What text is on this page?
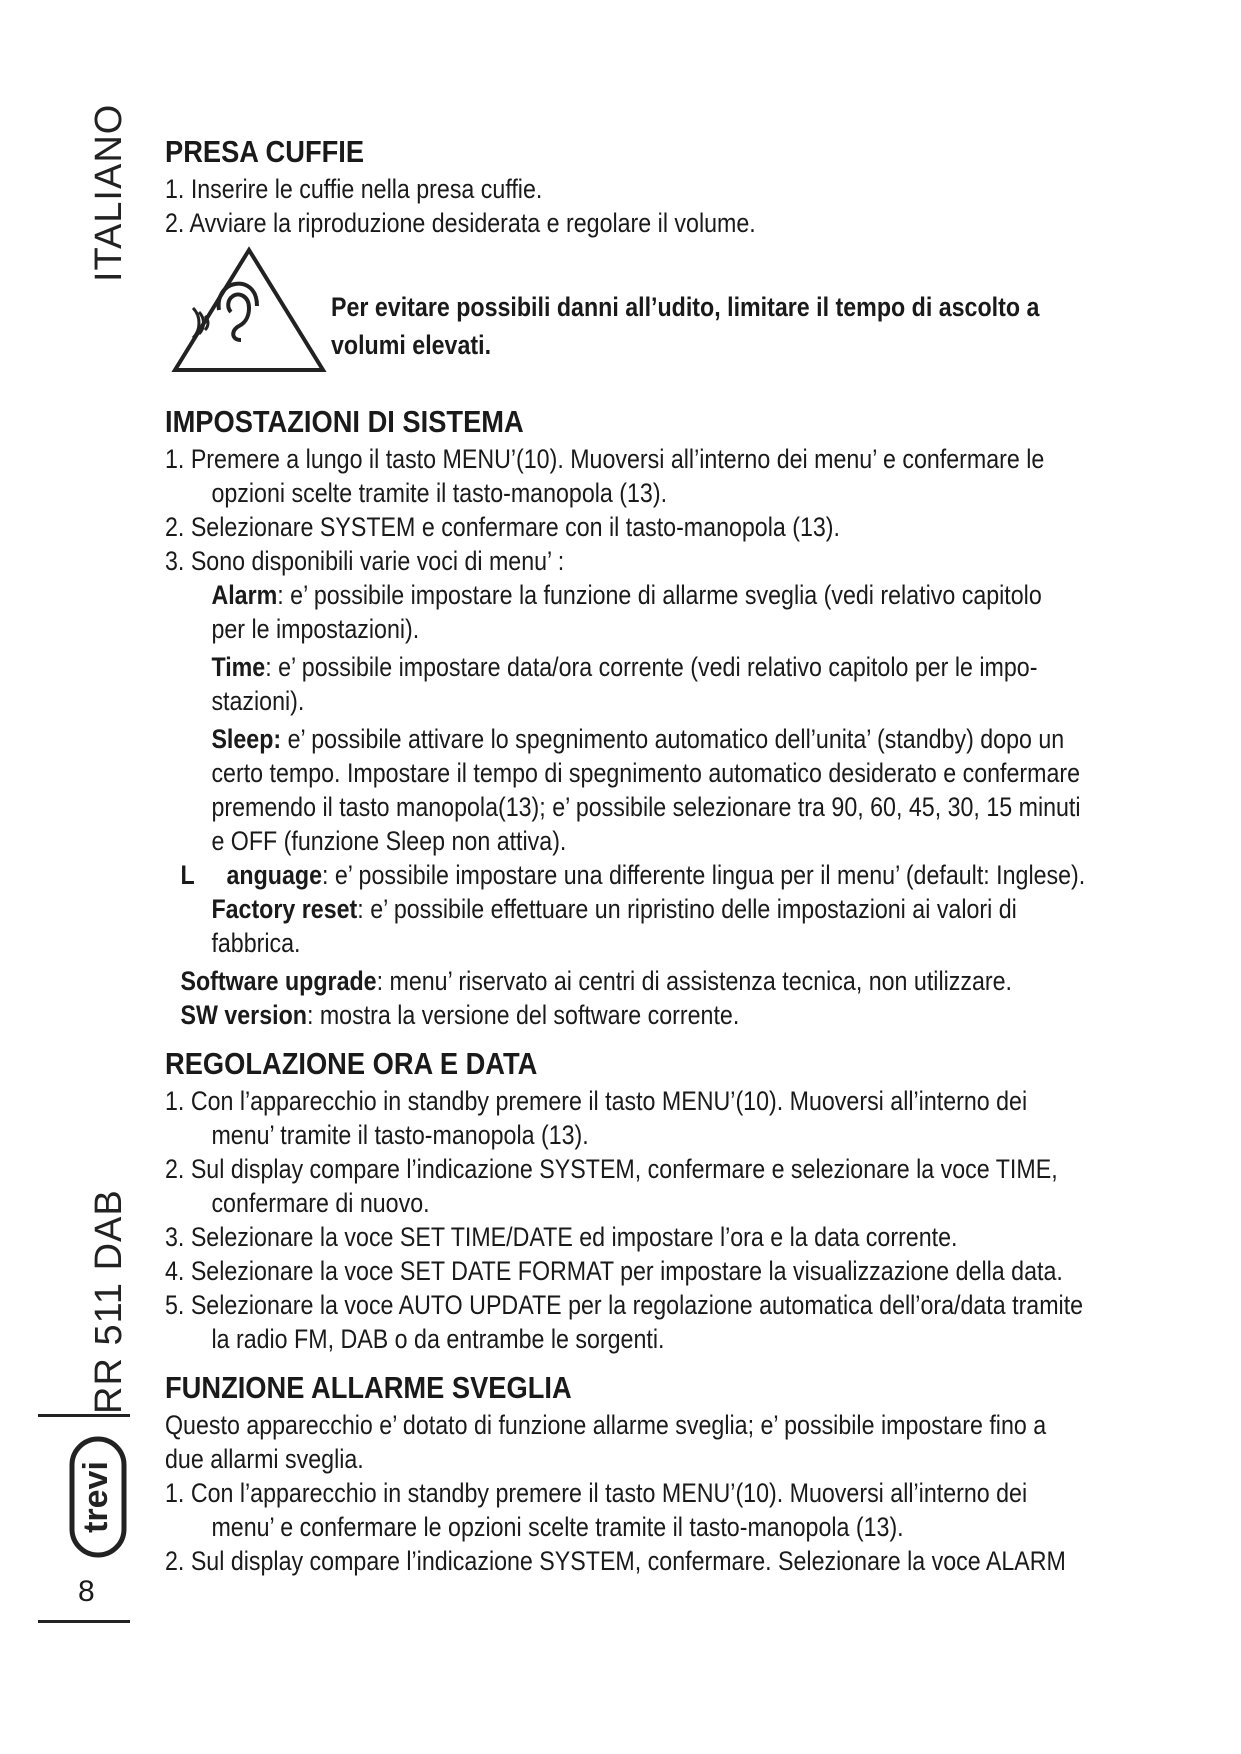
ITALIANO
RR 511 DAB
trevi
8
PRESA CUFFIE
1. Inserire le cuffie nella presa cuffie.
2. Avviare la riproduzione desiderata e regolare il volume.
Per evitare possibili danni all’udito, limitare il tempo di ascolto a
volumi elevati.
IMPOSTAZIONI DI SISTEMA
1. Premere a lungo il tasto MENU’(10). Muoversi all’interno dei menu’ e confermare le
opzioni scelte tramite il tasto-manopola (13).
2. Selezionare SYSTEM e confermare con il tasto-manopola (13).
3. Sono disponibili varie voci di menu’ :
Alarm: e’ possibile impostare la funzione di allarme sveglia (vedi relativo capitolo
per le impostazioni).
Time: e’ possibile impostare data/ora corrente (vedi relativo capitolo per le impo-
stazioni).
Sleep: e’ possibile attivare lo spegnimento automatico dell’unita’ (standby) dopo un
certo tempo. Impostare il tempo di spegnimento automatico desiderato e confermare
premendo il tasto manopola(13); e’ possibile selezionare tra 90, 60, 45, 30, 15 minuti
e OFF (funzione Sleep non attiva).
L     anguage: e’ possibile impostare una differente lingua per il menu’ (default: Inglese).
Factory reset: e’ possibile effettuare un ripristino delle impostazioni ai valori di
fabbrica.
Software upgrade: menu’ riservato ai centri di assistenza tecnica, non utilizzare.
SW version: mostra la versione del software corrente.
REGOLAZIONE ORA E DATA
1. Con l’apparecchio in standby premere il tasto MENU’(10). Muoversi all’interno dei
menu’ tramite il tasto-manopola (13).
2. Sul display compare l’indicazione SYSTEM, confermare e selezionare la voce TIME,
confermare di nuovo.
3. Selezionare la voce SET TIME/DATE ed impostare l’ora e la data corrente.
4. Selezionare la voce SET DATE FORMAT per impostare la visualizzazione della data.
5. Selezionare la voce AUTO UPDATE per la regolazione automatica dell’ora/data tramite
la radio FM, DAB o da entrambe le sorgenti.
FUNZIONE ALLARME SVEGLIA
Questo apparecchio e’ dotato di funzione allarme sveglia; e’ possibile impostare fino a
due allarmi sveglia.
1. Con l’apparecchio in standby premere il tasto MENU’(10). Muoversi all’interno dei
menu’ e confermare le opzioni scelte tramite il tasto-manopola (13).
2. Sul display compare l’indicazione SYSTEM, confermare. Selezionare la voce ALARM
